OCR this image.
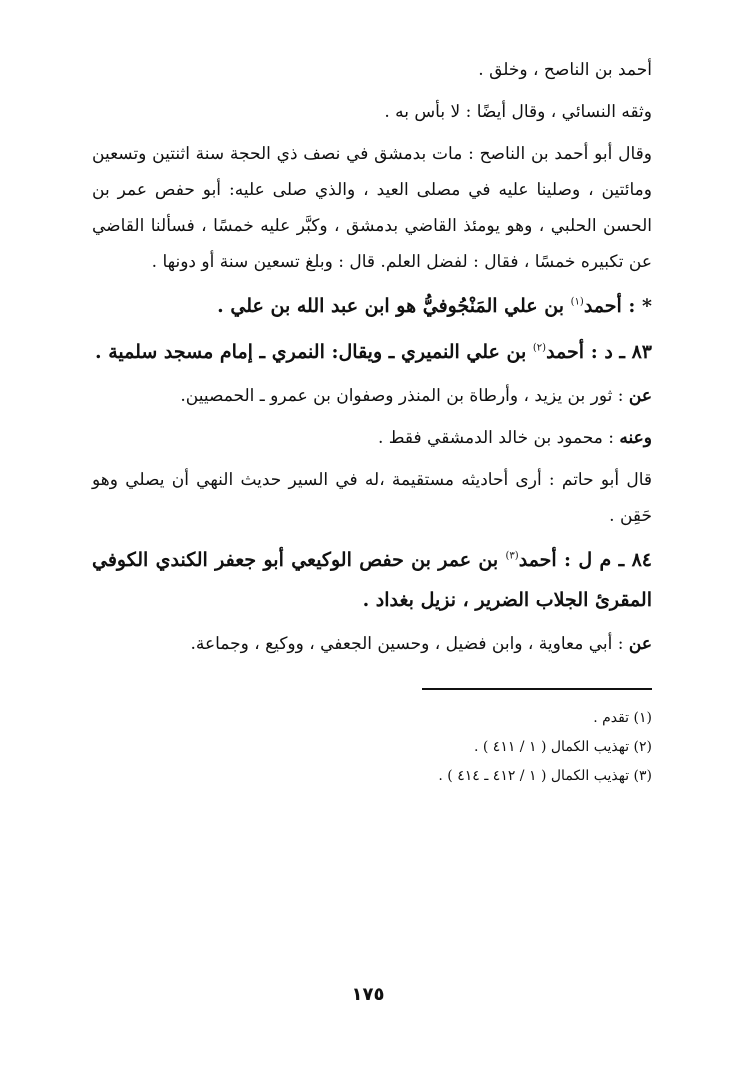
أحمد بن الناصح ، وخلق .

وثقه النسائي ، وقال أيضًا : لا بأس به .

وقال أبو أحمد بن الناصح : مات بدمشق في نصف ذي الحجة سنة اثنتين وتسعين ومائتين ، وصلينا عليه في مصلى العيد ، والذي صلى عليه: أبو حفص عمر بن الحسن الحلبي ، وهو يومئذ القاضي بدمشق ، وكبَّر عليه خمسًا ، فسألنا القاضي عن تكبيره خمسًا ، فقال : لفضل العلم. قال : وبلغ تسعين سنة أو دونها .

* : أحمد$^{(١)}$ بن علي المَنْجُوفيُّ هو ابن عبد الله بن علي .

٨٣ ـ د : أحمد$^{(٢)}$ بن علي النميري ـ ويقال: النمري ـ إمام مسجد سلمية .

عن : ثور بن يزيد ، وأرطاة بن المنذر وصفوان بن عمرو ـ الحمصيين.

وعنه : محمود بن خالد الدمشقي فقط .

قال أبو حاتم : أرى أحاديثه مستقيمة ،له في السير حديث النهي أن يصلي وهو حَقِن .

٨٤ ـ م ل : أحمد$^{(٣)}$ بن عمر بن حفص الوكيعي أبو جعفر الكندي الكوفي المقرئ الجلاب الضرير ، نزيل بغداد .

عن : أبي معاوية ، وابن فضيل ، وحسين الجعفي ، ووكيع ، وجماعة.

(١) تقدم .

(٢) تهذيب الكمال ( ١ / ٤١١ ) .

(٣) تهذيب الكمال ( ١ / ٤١٢ ـ ٤١٤ ) .

١٧٥
